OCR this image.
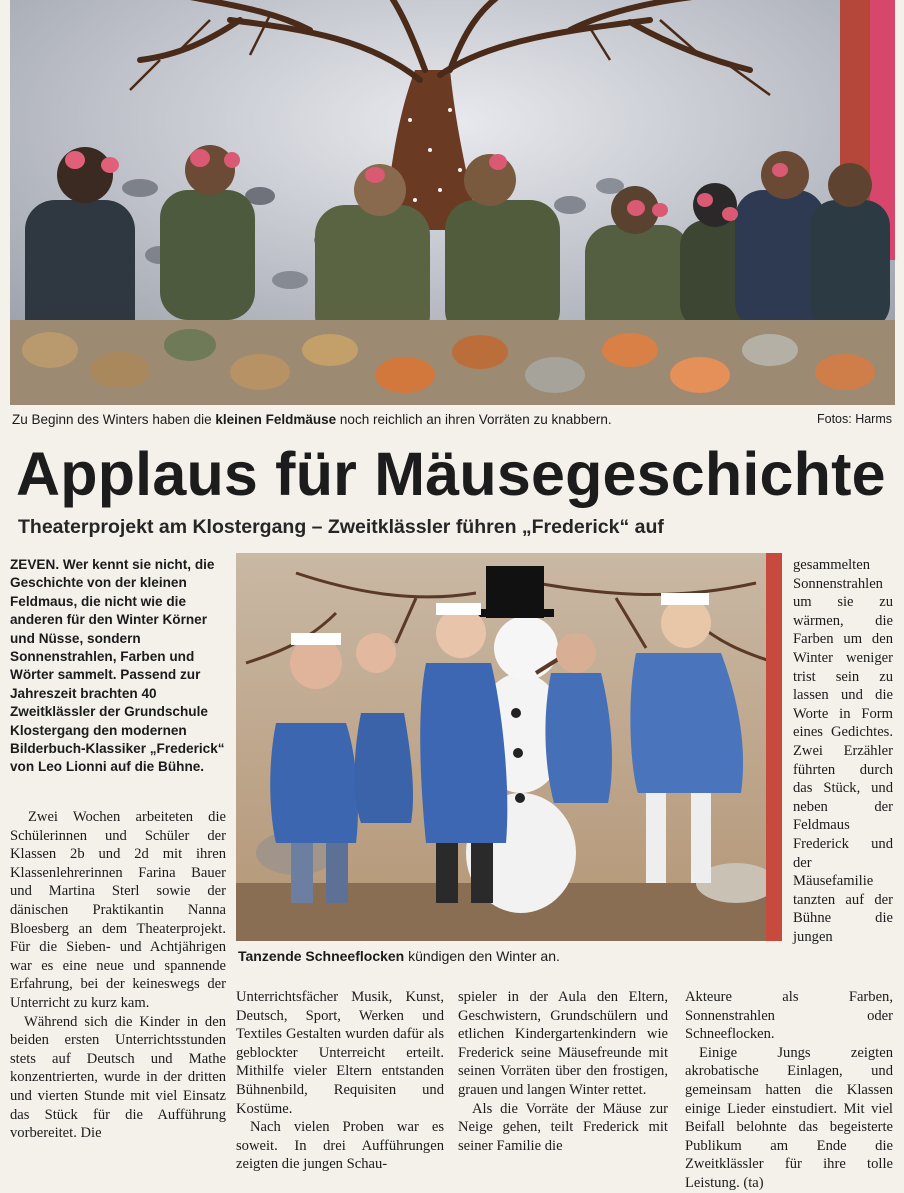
Zu Beginn des Winters haben die kleinen Feldmäuse noch reichlich an ihren Vorräten zu knabbern.	Fotos: Harms
Applaus für Mäusegeschichte
Theaterprojekt am Klostergang – Zweitklässler führen „Frederick“ auf
ZEVEN. Wer kennt sie nicht, die Geschichte von der kleinen Feldmaus, die nicht wie die anderen für den Winter Körner und Nüsse, sondern Sonnenstrahlen, Farben und Wörter sammelt. Passend zur Jahreszeit brachten 40 Zweitklässler der Grundschule Klostergang den modernen Bilderbuch-Klassiker „Frederick“ von Leo Lionni auf die Bühne.
Tanzende Schneeflocken kündigen den Winter an.

Zwei Wochen arbeiteten die Schülerinnen und Schüler der Klassen 2b und 2d mit ihren Klassenlehrerinnen Farina Bauer und Martina Sterl sowie der dänischen Praktikantin Nanna Bloesberg an dem Theaterprojekt. Für die Sieben- und Achtjährigen war es eine neue und spannende Erfahrung, bei der keineswegs der Unterricht zu kurz kam.

Während sich die Kinder in den beiden ersten Unterrichtsstunden stets auf Deutsch und Mathe konzentrierten, wurde in der dritten und vierten Stunde mit viel Einsatz das Stück für die Aufführung vorbereitet. Die

gesammelten Sonnenstrahlen um sie zu wärmen, die Farben um den Winter weniger trist sein zu lassen und die Worte in Form eines Gedichtes. Zwei Erzähler führten durch das Stück, und neben der Feldmaus Frederick und der Mäusefamilie tanzten auf der Bühne die jungen

Unterrichtsfächer Musik, Kunst, Deutsch, Sport, Werken und Textiles Gestalten wurden dafür als geblockter Unterreicht erteilt. Mithilfe vieler Eltern entstanden Bühnenbild, Requisiten und Kostüme.

Nach vielen Proben war es soweit. In drei Aufführungen zeigten die jungen Schau-

spieler in der Aula den Eltern, Geschwistern, Grundschülern und etlichen Kindergartenkindern wie Frederick seine Mäusefreunde mit seinen Vorräten über den frostigen, grauen und langen Winter rettet.

Als die Vorräte der Mäuse zur Neige gehen, teilt Frederick mit seiner Familie die

Akteure als Farben, Sonnenstrahlen oder Schneeflocken.

Einige Jungs zeigten akrobatische Einlagen, und gemeinsam hatten die Klassen einige Lieder einstudiert. Mit viel Beifall belohnte das begeisterte Publikum am Ende die Zweitklässler für ihre tolle Leistung. (ta)
